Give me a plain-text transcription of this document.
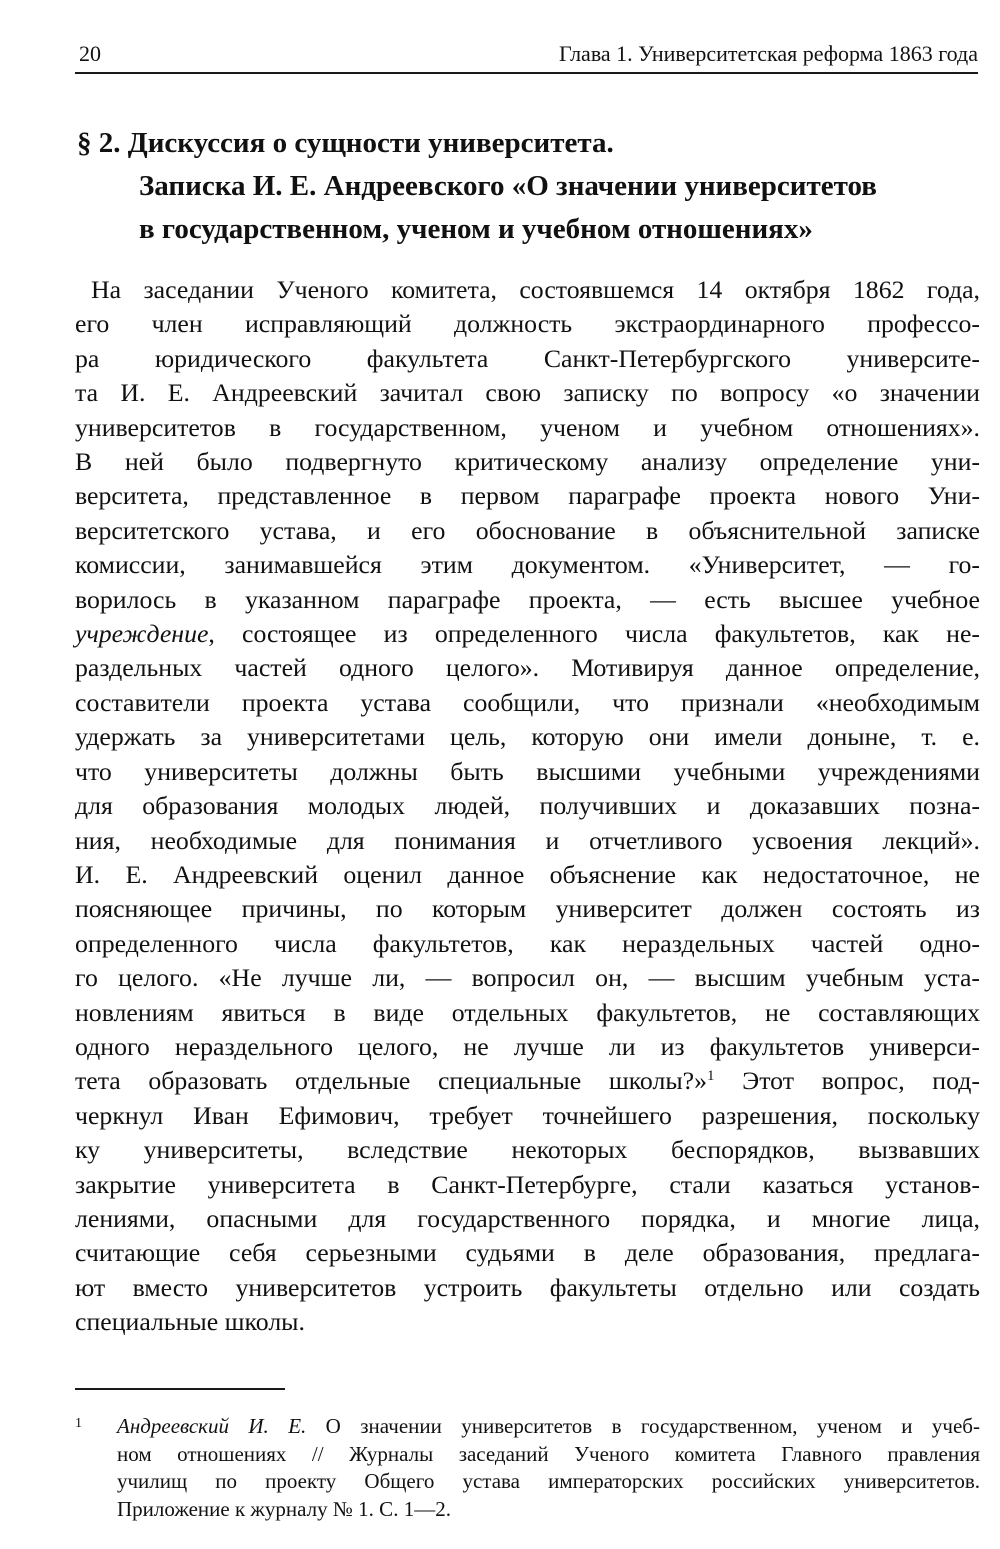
20	Глава 1. Университетская реформа 1863 года
§ 2. Дискуссия о сущности университета.
Записка И. Е. Андреевского «О значении университетов
в государственном, ученом и учебном отношениях»
На заседании Ученого комитета, состоявшемся 14 октября 1862 года,
его член исправляющий должность экстраординарного профессо-
ра юридического факультета Санкт-Петербургского университе-
та И. Е. Андреевский зачитал свою записку по вопросу «о значении
университетов в государственном, ученом и учебном отношениях».
В ней было подвергнуто критическому анализу определение уни-
верситета, представленное в первом параграфе проекта нового Уни-
верситетского устава, и его обоснование в объяснительной записке
комиссии, занимавшейся этим документом. «Университет, — го-
ворилось в указанном параграфе проекта, — есть высшее учебное
учреждение, состоящее из определенного числа факультетов, как не-
раздельных частей одного целого». Мотивируя данное определение,
составители проекта устава сообщили, что признали «необходимым
удержать за университетами цель, которую они имели доныне, т. е.
что университеты должны быть высшими учебными учреждениями
для образования молодых людей, получивших и доказавших позна-
ния, необходимые для понимания и отчетливого усвоения лекций».
И. Е. Андреевский оценил данное объяснение как недостаточное, не
поясняющее причины, по которым университет должен состоять из
определенного числа факультетов, как нераздельных частей одно-
го целого. «Не лучше ли, — вопросил он, — высшим учебным уста-
новлениям явиться в виде отдельных факультетов, не составляющих
одного нераздельного целого, не лучше ли из факультетов универси-
тета образовать отдельные специальные школы?»$^1$ Этот вопрос, под-
черкнул Иван Ефимович, требует точнейшего разрешения, поскольку
ку университеты, вследствие некоторых беспорядков, вызвавших
закрытие университета в Санкт-Петербурге, стали казаться установ-
лениями, опасными для государственного порядка, и многие лица,
считающие себя серьезными судьями в деле образования, предлага-
ют вместо университетов устроить факультеты отдельно или создать
специальные школы.
1 Андреевский И. Е. О значении университетов в государственном, ученом и учеб-
ном отношениях // Журналы заседаний Ученого комитета Главного правления
училищ по проекту Общего устава императорских российских университетов.
Приложение к журналу № 1. С. 1—2.
